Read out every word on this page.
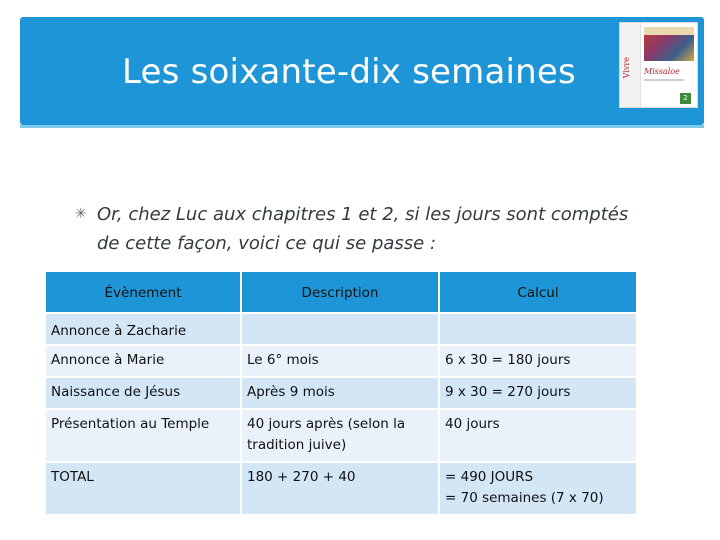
Les soixante-dix semaines	Vivre	Missaloe
2
✳ Or, chez Luc aux chapitres 1 et 2, si les jours sont comptés de cette façon, voici ce qui se passe :
Évènement	Description	Calcul
Annonce à Zacharie		
Annonce à Marie	Le 6° mois	6 x 30 = 180 jours
Naissance de Jésus	Après 9 mois	9 x 30 = 270 jours
Présentation au Temple	40 jours après (selon la tradition juive)	40 jours
TOTAL	180 + 270 + 40	= 490 JOURS
= 70 semaines (7 x 70)
